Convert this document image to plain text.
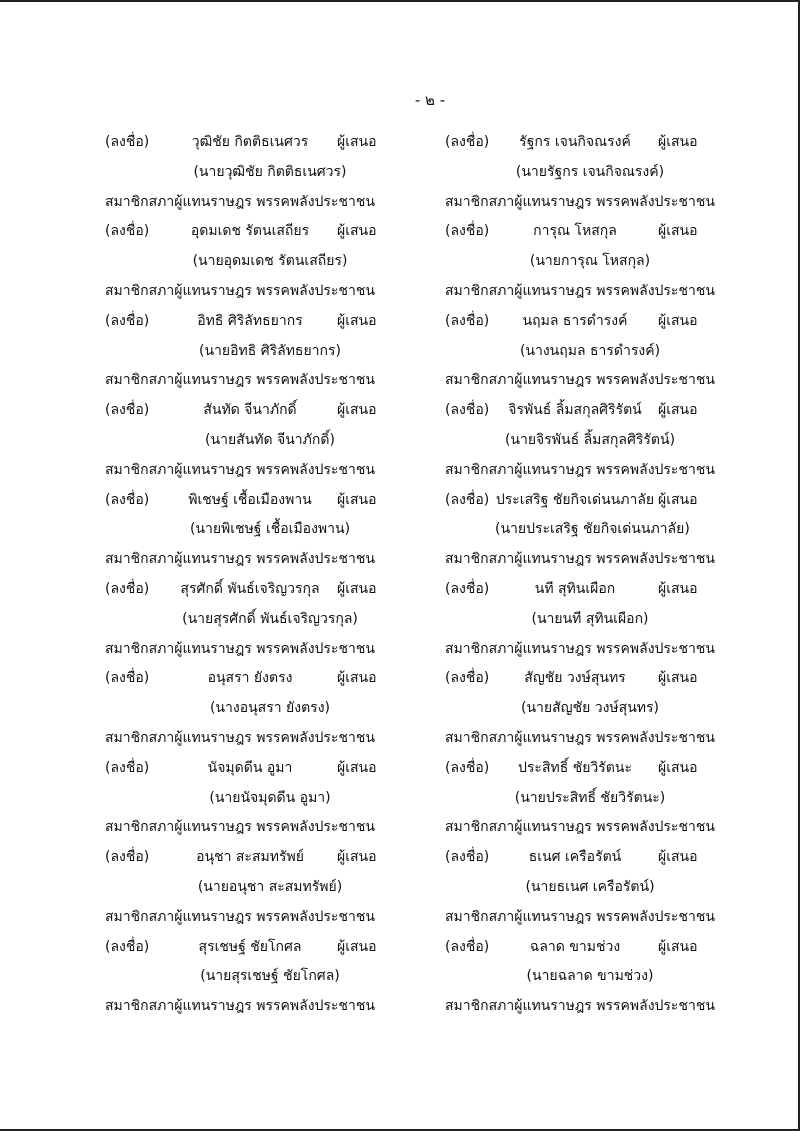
- ๒ -
(ลงชื่อ)	วุฒิชัย กิตติธเนศวร	ผู้เสนอ
(นายวุฒิชัย กิตติธเนศวร)
สมาชิกสภาผู้แทนราษฎร พรรคพลังประชาชน
(ลงชื่อ)	อุดมเดช รัตนเสถียร	ผู้เสนอ
(นายอุดมเดช รัตนเสถียร)
สมาชิกสภาผู้แทนราษฎร พรรคพลังประชาชน
(ลงชื่อ)	อิทธิ ศิริลัทธยากร	ผู้เสนอ
(นายอิทธิ ศิริลัทธยากร)
สมาชิกสภาผู้แทนราษฎร พรรคพลังประชาชน
(ลงชื่อ)	สันทัด จีนาภักดิ์	ผู้เสนอ
(นายสันทัด จีนาภักดิ์)
สมาชิกสภาผู้แทนราษฎร พรรคพลังประชาชน
(ลงชื่อ)	พิเชษฐ์ เชื้อเมืองพาน	ผู้เสนอ
(นายพิเชษฐ์ เชื้อเมืองพาน)
สมาชิกสภาผู้แทนราษฎร พรรคพลังประชาชน
(ลงชื่อ)	สุรศักดิ์ พันธ์เจริญวรกุล	ผู้เสนอ
(นายสุรศักดิ์ พันธ์เจริญวรกุล)
สมาชิกสภาผู้แทนราษฎร พรรคพลังประชาชน
(ลงชื่อ)	อนุสรา ยังตรง	ผู้เสนอ
(นางอนุสรา ยังตรง)
สมาชิกสภาผู้แทนราษฎร พรรคพลังประชาชน
(ลงชื่อ)	นัจมุดดีน อูมา	ผู้เสนอ
(นายนัจมุดดีน อูมา)
สมาชิกสภาผู้แทนราษฎร พรรคพลังประชาชน
(ลงชื่อ)	อนุชา สะสมทรัพย์	ผู้เสนอ
(นายอนุชา สะสมทรัพย์)
สมาชิกสภาผู้แทนราษฎร พรรคพลังประชาชน
(ลงชื่อ)	สุรเชษฐ์ ชัยโกศล	ผู้เสนอ
(นายสุรเชษฐ์ ชัยโกศล)
สมาชิกสภาผู้แทนราษฎร พรรคพลังประชาชน
(ลงชื่อ)	รัฐกร เจนกิจณรงค์	ผู้เสนอ
(นายรัฐกร เจนกิจณรงค์)
สมาชิกสภาผู้แทนราษฎร พรรคพลังประชาชน
(ลงชื่อ)	การุณ โหสกุล	ผู้เสนอ
(นายการุณ โหสกุล)
สมาชิกสภาผู้แทนราษฎร พรรคพลังประชาชน
(ลงชื่อ)	นฤมล ธารดำรงค์	ผู้เสนอ
(นางนฤมล ธารดำรงค์)
สมาชิกสภาผู้แทนราษฎร พรรคพลังประชาชน
(ลงชื่อ)	จิรพันธ์ ลิ้มสกุลศิริรัตน์	ผู้เสนอ
(นายจิรพันธ์ ลิ้มสกุลศิริรัตน์)
สมาชิกสภาผู้แทนราษฎร พรรคพลังประชาชน
(ลงชื่อ) ประเสริฐ ชัยกิจเด่นนภาลัย ผู้เสนอ
(นายประเสริฐ ชัยกิจเด่นนภาลัย)
สมาชิกสภาผู้แทนราษฎร พรรคพลังประชาชน
(ลงชื่อ)	นที สุทินเผือก	ผู้เสนอ
(นายนที สุทินเผือก)
สมาชิกสภาผู้แทนราษฎร พรรคพลังประชาชน
(ลงชื่อ)	สัญชัย วงษ์สุนทร	ผู้เสนอ
(นายสัญชัย วงษ์สุนทร)
สมาชิกสภาผู้แทนราษฎร พรรคพลังประชาชน
(ลงชื่อ)	ประสิทธิ์ ชัยวิรัตนะ	ผู้เสนอ
(นายประสิทธิ์ ชัยวิรัตนะ)
สมาชิกสภาผู้แทนราษฎร พรรคพลังประชาชน
(ลงชื่อ)	ธเนศ เครือรัตน์	ผู้เสนอ
(นายธเนศ เครือรัตน์)
สมาชิกสภาผู้แทนราษฎร พรรคพลังประชาชน
(ลงชื่อ)	ฉลาด ขามช่วง	ผู้เสนอ
(นายฉลาด ขามช่วง)
สมาชิกสภาผู้แทนราษฎร พรรคพลังประชาชน
